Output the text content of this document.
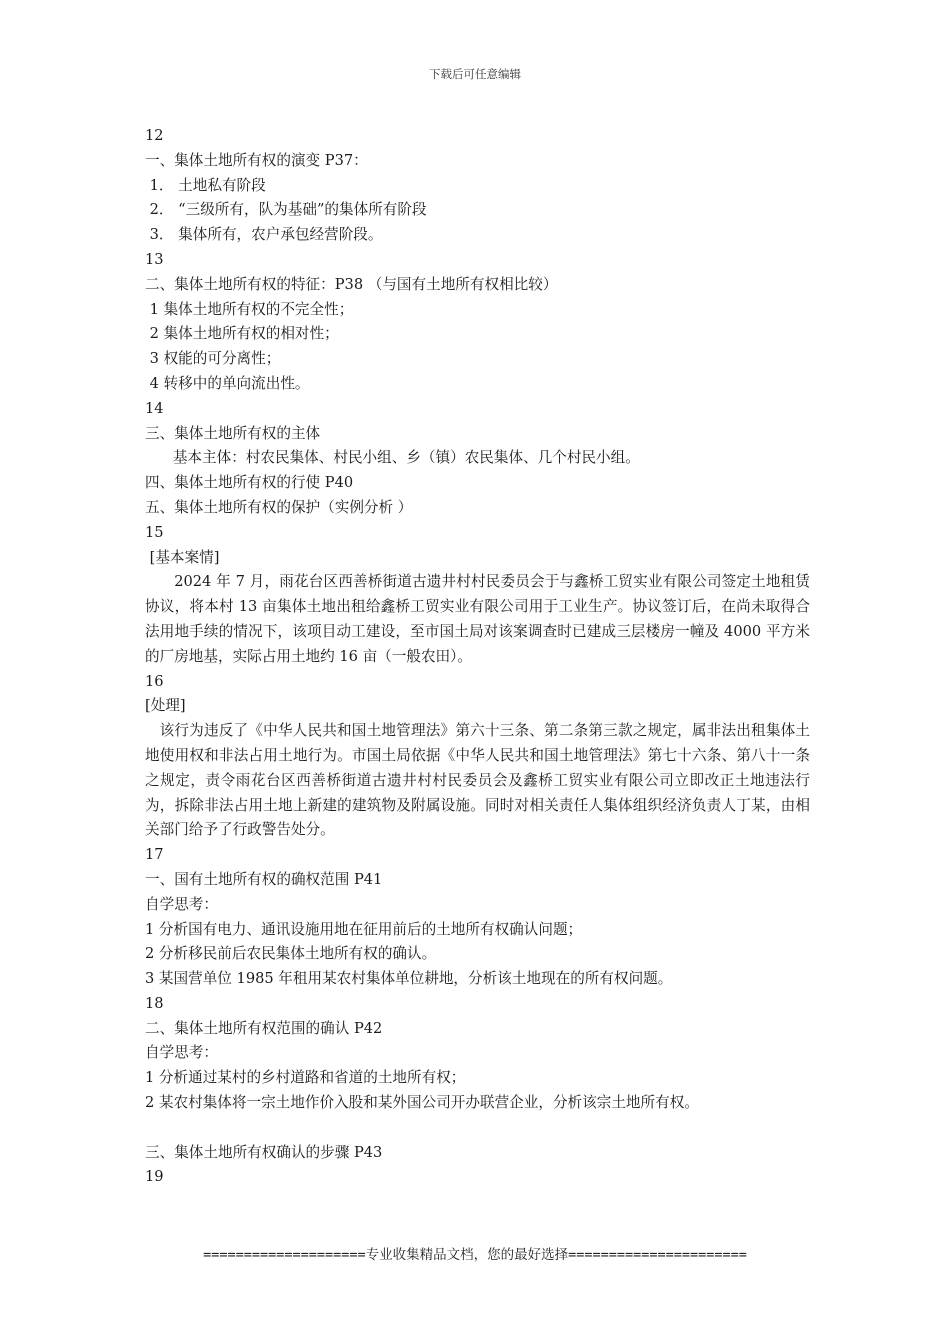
下载后可任意编辑
12
一、集体土地所有权的演变 P37：
1． 土地私有阶段
2． “三级所有，队为基础”的集体所有阶段
3． 集体所有，农户承包经营阶段。
13
二、集体土地所有权的特征：P38 （与国有土地所有权相比较）
1 集体土地所有权的不完全性；
2 集体土地所有权的相对性；
3 权能的可分离性；
4 转移中的单向流出性。
14
三、集体土地所有权的主体
基本主体：村农民集体、村民小组、乡（镇）农民集体、几个村民小组。
四、集体土地所有权的行使 P40
五、集体土地所有权的保护（实例分析 ）
15
[基本案情]

2024 年 7 月，雨花台区西善桥街道古遗井村村民委员会于与鑫桥工贸实业有限公司签定土地租赁协议，将本村 13 亩集体土地出租给鑫桥工贸实业有限公司用于工业生产。协议签订后，在尚未取得合法用地手续的情况下，该项目动工建设，至市国土局对该案调查时已建成三层楼房一幢及 4000 平方米的厂房地基，实际占用土地约 16 亩（一般农田）。

16
[处理]

该行为违反了《中华人民共和国土地管理法》第六十三条、第二条第三款之规定，属非法出租集体土地使用权和非法占用土地行为。市国土局依据《中华人民共和国土地管理法》第七十六条、第八十一条之规定，责令雨花台区西善桥街道古遗井村村民委员会及鑫桥工贸实业有限公司立即改正土地违法行为，拆除非法占用土地上新建的建筑物及附属设施。同时对相关责任人集体组织经济负责人丁某，由相关部门给予了行政警告处分。

17
一、国有土地所有权的确权范围 P41
自学思考：
1 分析国有电力、通讯设施用地在征用前后的土地所有权确认问题；
2 分析移民前后农民集体土地所有权的确认。
3 某国营单位 1985 年租用某农村集体单位耕地，分析该土地现在的所有权问题。
18
二、集体土地所有权范围的确认 P42
自学思考：
1 分析通过某村的乡村道路和省道的土地所有权；
2 某农村集体将一宗土地作价入股和某外国公司开办联营企业，分析该宗土地所有权。
三、集体土地所有权确认的步骤 P43
19
====================专业收集精品文档，您的最好选择======================
